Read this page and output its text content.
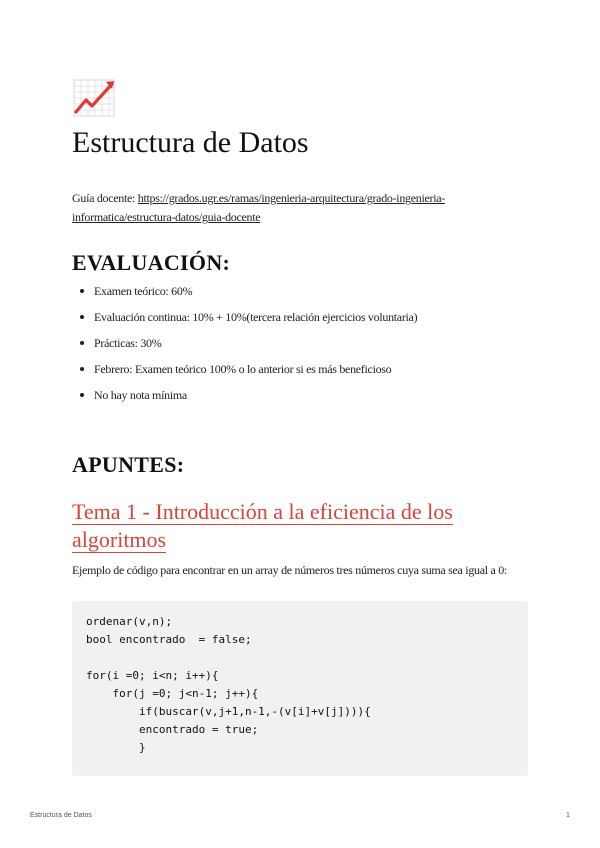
Estructura de Datos

Guía docente: https://grados.ugr.es/ramas/ingenieria-arquitectura/grado-ingenieria-informatica/estructura-datos/guia-docente

EVALUACIÓN:
Examen teórico: 60%
Evaluación continua: 10% + 10%(tercera relación ejercicios voluntaria)
Prácticas: 30%
Febrero: Examen teórico 100% o lo anterior si es más beneficioso
No hay nota mínima
APUNTES:
Tema 1 - Introducción a la eficiencia de los algoritmos

Ejemplo de código para encontrar en un array de números tres números cuya suma sea igual a 0:

ordenar(v,n);
bool encontrado  = false;

for(i =0; i<n; i++){
for(j =0; j<n-1; j++){
if(buscar(v,j+1,n-1,-(v[i]+v[j]))){
encontrado = true;
}
Estructura de Datos	1
